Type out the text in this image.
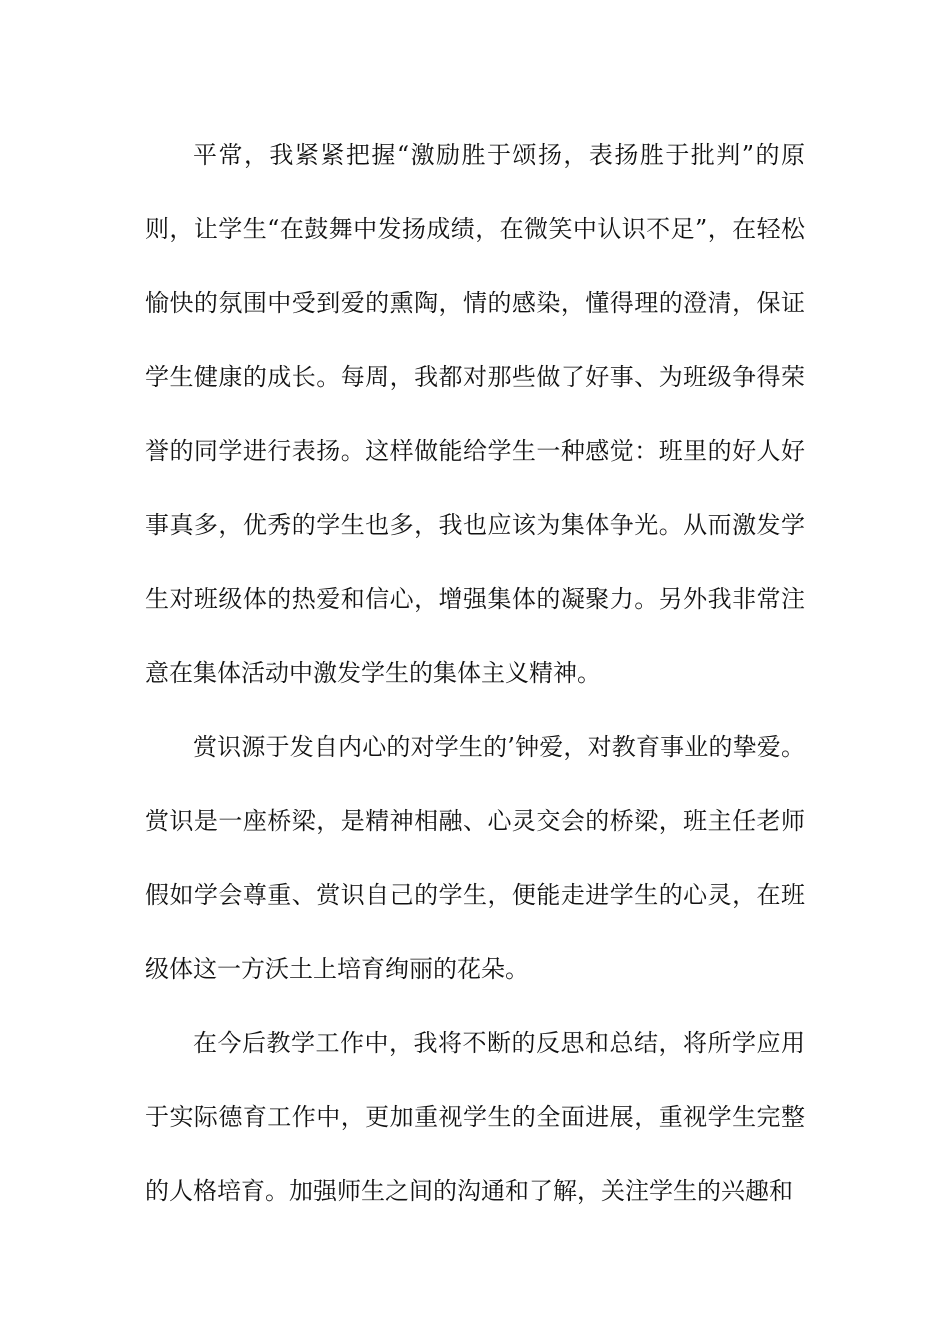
平常，我紧紧把握“激励胜于颂扬，表扬胜于批判”的原则，让学生“在鼓舞中发扬成绩，在微笑中认识不足”，在轻松愉快的氛围中受到爱的熏陶，情的感染，懂得理的澄清，保证学生健康的成长。每周，我都对那些做了好事、为班级争得荣誉的同学进行表扬。这样做能给学生一种感觉：班里的好人好事真多，优秀的学生也多，我也应该为集体争光。从而激发学生对班级体的热爱和信心，增强集体的凝聚力。另外我非常注意在集体活动中激发学生的集体主义精神。

赏识源于发自内心的对学生的’钟爱，对教育事业的挚爱。赏识是一座桥梁，是精神相融、心灵交会的桥梁，班主任老师假如学会尊重、赏识自己的学生，便能走进学生的心灵，在班级体这一方沃土上培育绚丽的花朵。

在今后教学工作中，我将不断的反思和总结，将所学应用于实际德育工作中，更加重视学生的全面进展，重视学生完整的人格培育。加强师生之间的沟通和了解，关注学生的兴趣和
